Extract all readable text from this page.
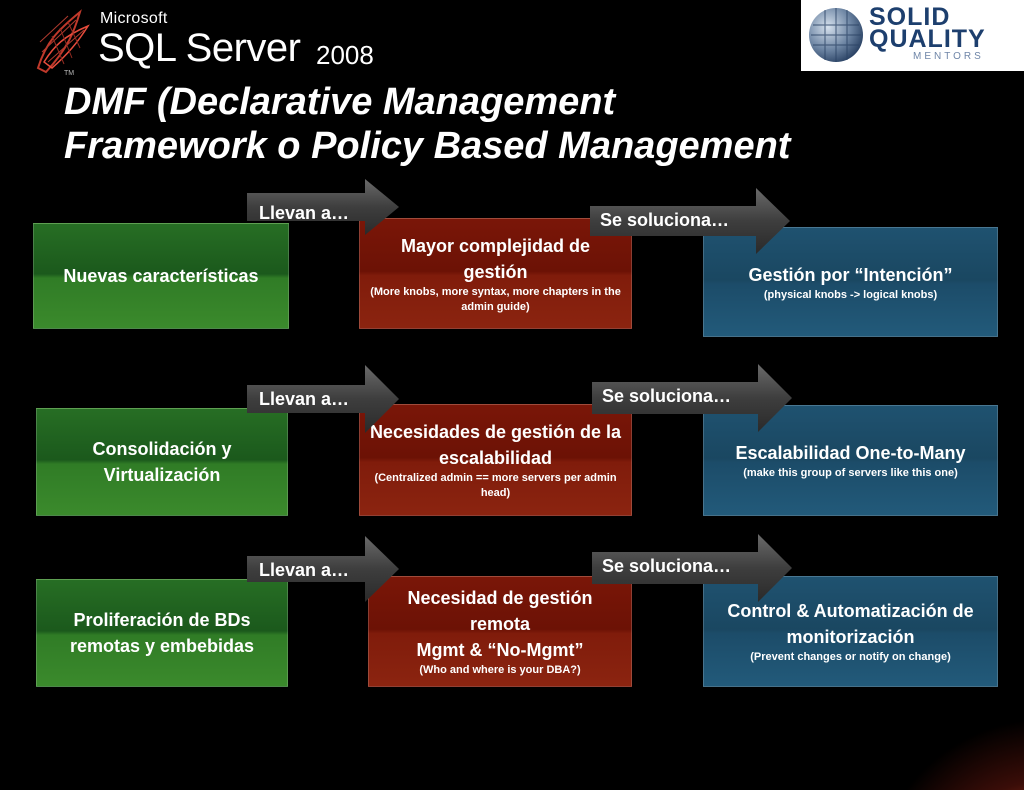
Microsoft
SQL Server 2008
TM
SOLID
QUALITY
MENTORS
DMF (Declarative Management
Framework o Policy Based Management
Nuevas características
Mayor complejidad de gestión
(More knobs, more syntax, more chapters in the admin guide)
Gestión por “Intención”
(physical knobs -> logical knobs)
Consolidación y Virtualización
Necesidades de gestión de la escalabilidad
(Centralized admin == more servers per admin head)
Escalabilidad One-to-Many
(make this group of servers like this one)
Proliferación de BDs remotas y embebidas
Necesidad de gestión remota
Mgmt & “No-Mgmt”
(Who and where is your DBA?)
Control & Automatización de monitorización
(Prevent changes or notify on change)
Llevan a…
Llevan a…
Llevan a…
Se soluciona…
Se soluciona…
Se soluciona…
